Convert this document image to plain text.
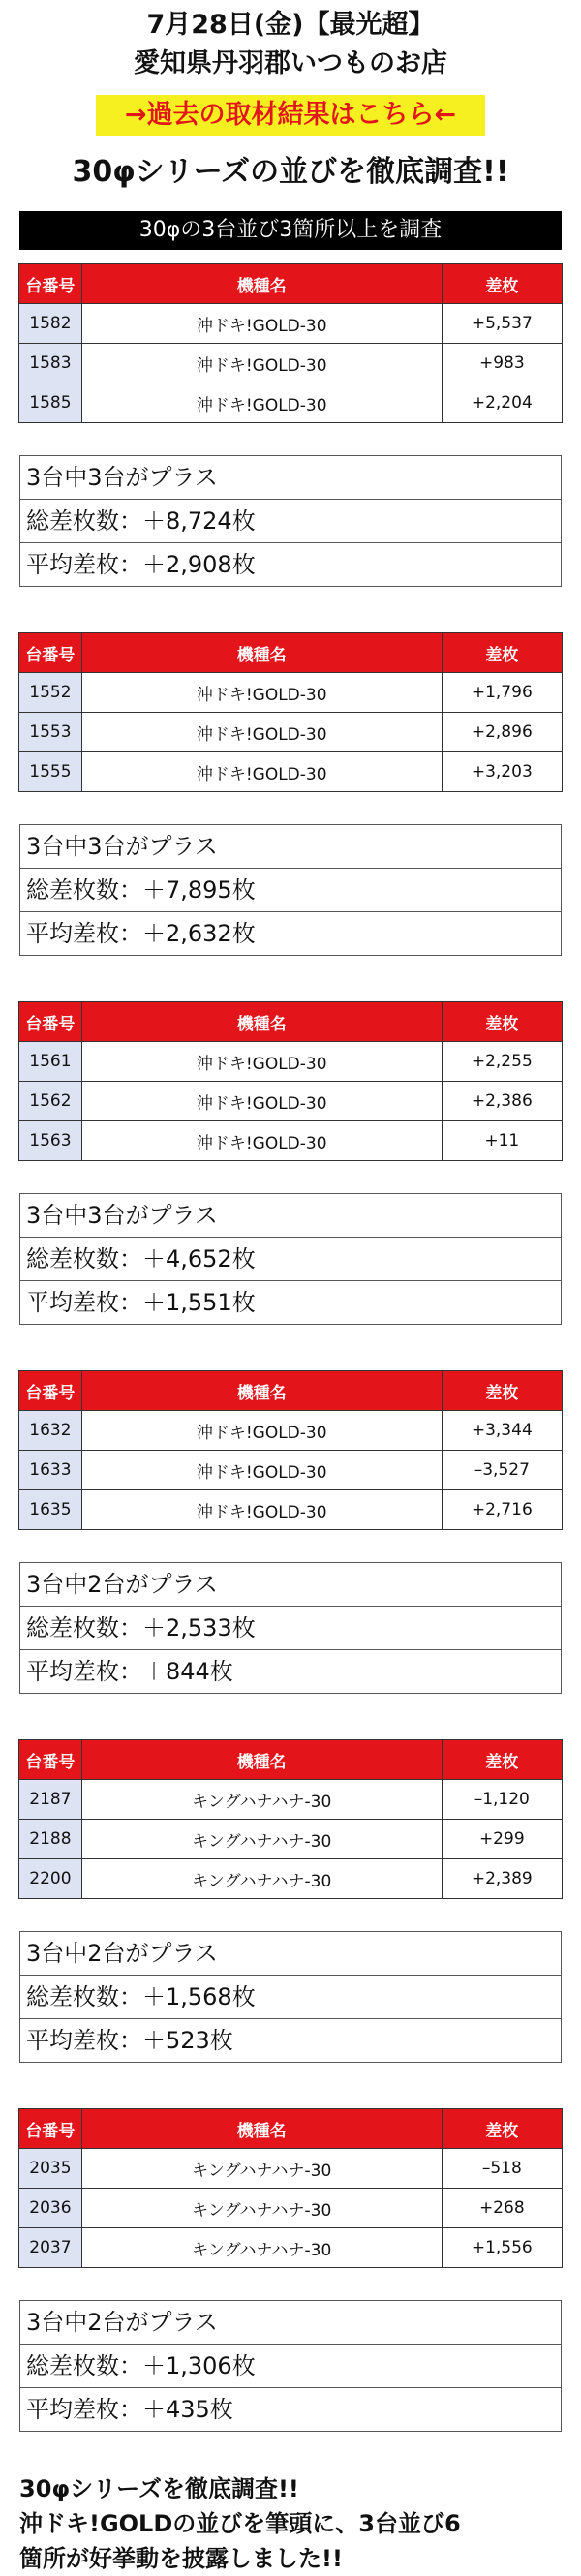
7月28日(金)【最光超】
愛知県丹羽郡いつものお店
→過去の取材結果はこちら←
30φシリーズの並びを徹底調査!!
30φの3台並び3箇所以上を調査
台番号	機種名	差枚
1582	沖ドキ!GOLD-30	+5,537
1583	沖ドキ!GOLD-30	+983
1585	沖ドキ!GOLD-30	+2,204
3台中3台がプラス
総差枚数：＋8,724枚
平均差枚：＋2,908枚
台番号	機種名	差枚
1552	沖ドキ!GOLD-30	+1,796
1553	沖ドキ!GOLD-30	+2,896
1555	沖ドキ!GOLD-30	+3,203
3台中3台がプラス
総差枚数：＋7,895枚
平均差枚：＋2,632枚
台番号	機種名	差枚
1561	沖ドキ!GOLD-30	+2,255
1562	沖ドキ!GOLD-30	+2,386
1563	沖ドキ!GOLD-30	+11
3台中3台がプラス
総差枚数：＋4,652枚
平均差枚：＋1,551枚
台番号	機種名	差枚
1632	沖ドキ!GOLD-30	+3,344
1633	沖ドキ!GOLD-30	–3,527
1635	沖ドキ!GOLD-30	+2,716
3台中2台がプラス
総差枚数：＋2,533枚
平均差枚：＋844枚
台番号	機種名	差枚
2187	キングハナハナ-30	–1,120
2188	キングハナハナ-30	+299
2200	キングハナハナ-30	+2,389
3台中2台がプラス
総差枚数：＋1,568枚
平均差枚：＋523枚
台番号	機種名	差枚
2035	キングハナハナ-30	–518
2036	キングハナハナ-30	+268
2037	キングハナハナ-30	+1,556
3台中2台がプラス
総差枚数：＋1,306枚
平均差枚：＋435枚
30φシリーズを徹底調査!!
沖ドキ!GOLDの並びを筆頭に、3台並び6
箇所が好挙動を披露しました!!
